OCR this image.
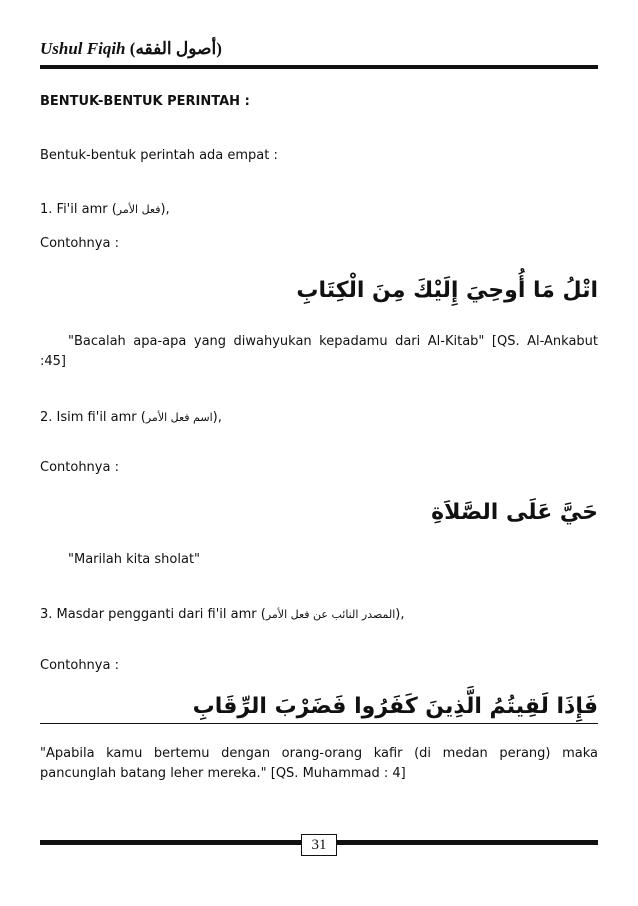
Ushul Fiqih (أصول الفقه)
BENTUK-BENTUK PERINTAH :
Bentuk-bentuk perintah ada empat :
1. Fi'il amr (فعل الأمر),
Contohnya :
اتْلُ مَا أُوحِيَ إِلَيْكَ مِنَ الْكِتَابِ
"Bacalah apa-apa yang diwahyukan kepadamu dari Al-Kitab" [QS. Al-Ankabut :45]
2. Isim fi'il amr (اسم فعل الأمر),
Contohnya :
حَيَّ عَلَى الصَّلاَةِ
"Marilah kita sholat"
3. Masdar pengganti dari fi'il amr (المصدر النائب عن فعل الأمر),
Contohnya :
فَإِذَا لَقِيتُمُ الَّذِينَ كَفَرُوا فَضَرْبَ الرِّقَابِ
"Apabila kamu bertemu dengan orang-orang kafir (di medan perang) maka pancunglah batang leher mereka." [QS. Muhammad : 4]
31
